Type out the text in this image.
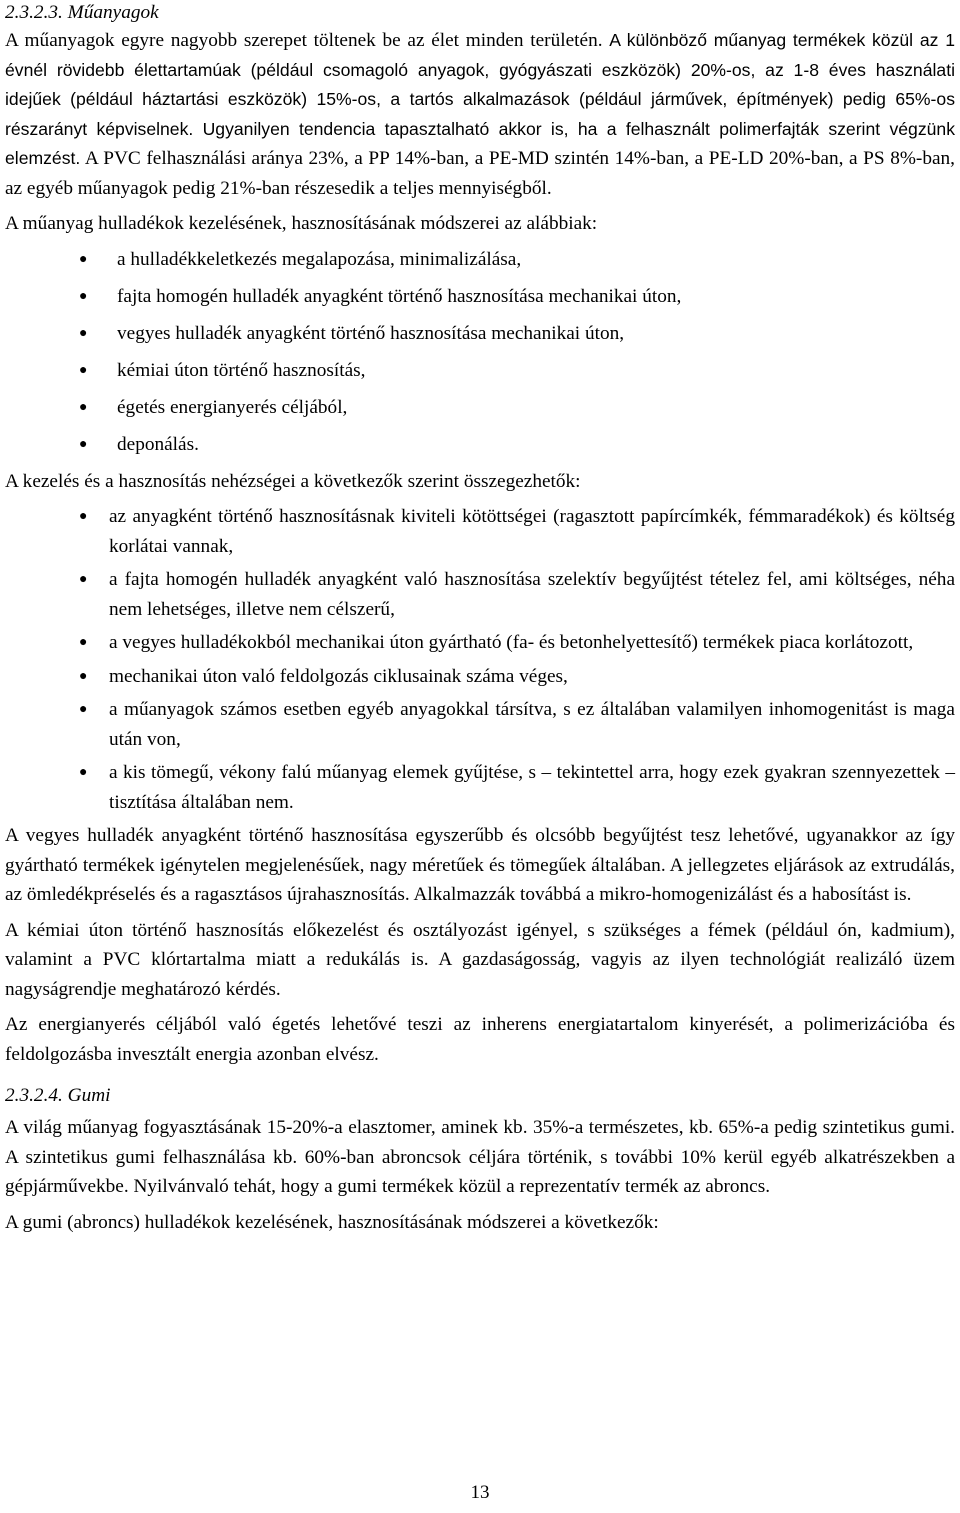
2.3.2.3. Műanyagok

A műanyagok egyre nagyobb szerepet töltenek be az élet minden területén. A különböző műanyag termékek közül az 1 évnél rövidebb élettartamúak (például csomagoló anyagok, gyógyászati eszközök) 20%-os, az 1-8 éves használati idejűek (például háztartási eszközök) 15%-os, a tartós alkalmazások (például járművek, építmények) pedig 65%-os részarányt képviselnek. Ugyanilyen tendencia tapasztalható akkor is, ha a felhasznált polimerfajták szerint végzünk elemzést. A PVC felhasználási aránya 23%, a PP 14%-ban, a PE-MD szintén 14%-ban, a PE-LD 20%-ban, a PS 8%-ban, az egyéb műanyagok pedig 21%-ban részesedik a teljes mennyiségből.

A műanyag hulladékok kezelésének, hasznosításának módszerei az alábbiak:

● a hulladékkeletkezés megalapozása, minimalizálása,
● fajta homogén hulladék anyagként történő hasznosítása mechanikai úton,
● vegyes hulladék anyagként történő hasznosítása mechanikai úton,
● kémiai úton történő hasznosítás,
● égetés energianyerés céljából,
● deponálás.

A kezelés és a hasznosítás nehézségei a következők szerint összegezhetők:

● az anyagként történő hasznosításnak kiviteli kötöttségei (ragasztott papírcímkék, fémmaradékok) és költség korlátai vannak,
● a fajta homogén hulladék anyagként való hasznosítása szelektív begyűjtést tételez fel, ami költséges, néha nem lehetséges, illetve nem célszerű,
● a vegyes hulladékokból mechanikai úton gyártható (fa- és betonhelyettesítő) termékek piaca korlátozott,
● mechanikai úton való feldolgozás ciklusainak száma véges,
● a műanyagok számos esetben egyéb anyagokkal társítva, s ez általában valamilyen inhomogenitást is maga után von,
● a kis tömegű, vékony falú műanyag elemek gyűjtése, s – tekintettel arra, hogy ezek gyakran szennyezettek – tisztítása általában nem.

A vegyes hulladék anyagként történő hasznosítása egyszerűbb és olcsóbb begyűjtést tesz lehetővé, ugyanakkor az így gyártható termékek igénytelen megjelenésűek, nagy méretűek és tömegűek általában. A jellegzetes eljárások az extrudálás, az ömledékpréselés és a ragasztásos újrahasznosítás. Alkalmazzák továbbá a mikro-homogenizálást és a habosítást is.

A kémiai úton történő hasznosítás előkezelést és osztályozást igényel, s szükséges a fémek (például ón, kadmium), valamint a PVC klórtartalma miatt a redukálás is. A gazdaságosság, vagyis az ilyen technológiát realizáló üzem nagyságrendje meghatározó kérdés.

Az energianyerés céljából való égetés lehetővé teszi az inherens energiatartalom kinyerését, a polimerizációba és feldolgozásba invesztált energia azonban elvész.

2.3.2.4. Gumi

A világ műanyag fogyasztásának 15-20%-a elasztomer, aminek kb. 35%-a természetes, kb. 65%-a pedig szintetikus gumi. A szintetikus gumi felhasználása kb. 60%-ban abroncsok céljára történik, s további 10% kerül egyéb alkatrészekben a gépjárművekbe. Nyilvánvaló tehát, hogy a gumi termékek közül a reprezentatív termék az abroncs.

A gumi (abroncs) hulladékok kezelésének, hasznosításának módszerei a következők:

13
